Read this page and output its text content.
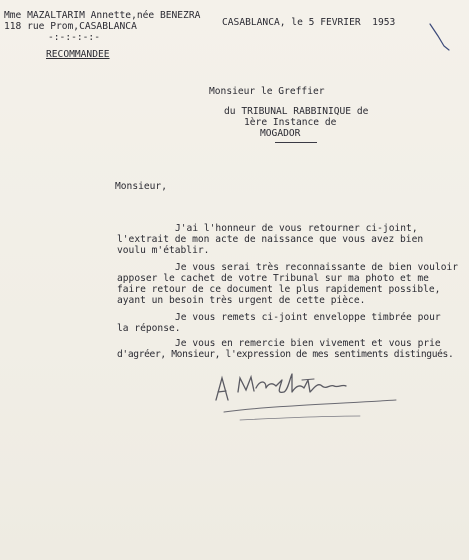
Mme MAZALTARIM Annette,née BENEZRA
118 rue Prom,CASABLANCA
-:-:-:-:-
CASABLANCA, le 5 FEVRIER  1953
RECOMMANDEE
Monsieur le Greffier
du TRIBUNAL RABBINIQUE de
1ère Instance de
MOGADOR
Monsieur,
J'ai l'honneur de vous retourner ci-joint,
l'extrait de mon acte de naissance que vous avez bien
voulu m'établir.
Je vous serai très reconnaissante de bien vouloir
apposer le cachet de votre Tribunal sur ma photo et me
faire retour de ce document le plus rapidement possible,
ayant un besoin très urgent de cette pièce.
Je vous remets ci-joint enveloppe timbrée pour
la réponse.
Je vous en remercie bien vivement et vous prie
d'agréer, Monsieur, l'expression de mes sentiments distingués.
